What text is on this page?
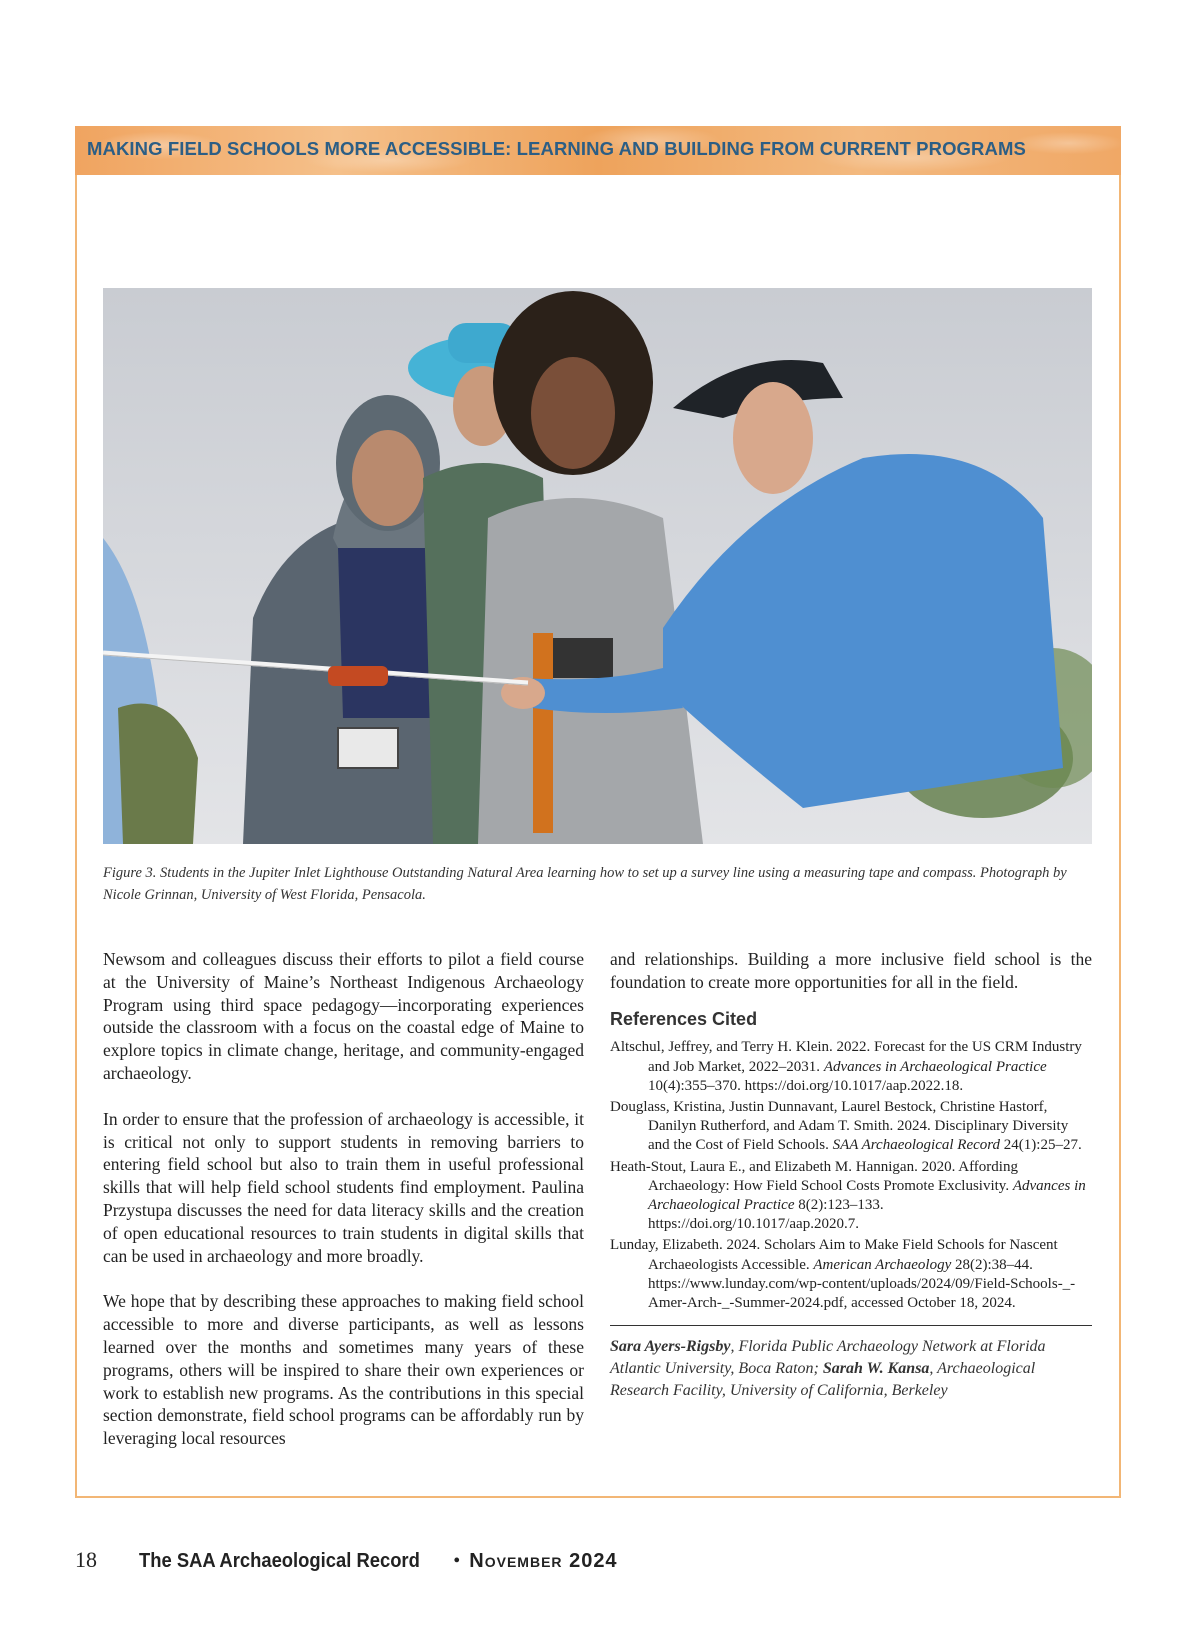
MAKING FIELD SCHOOLS MORE ACCESSIBLE: LEARNING AND BUILDING FROM CURRENT PROGRAMS
Figure 3. Students in the Jupiter Inlet Lighthouse Outstanding Natural Area learning how to set up a survey line using a measuring tape and compass. Photograph by Nicole Grinnan, University of West Florida, Pensacola.

Newsom and colleagues discuss their efforts to pilot a field course at the University of Maine’s Northeast Indigenous Archaeology Program using third space pedagogy—incorporating experiences outside the classroom with a focus on the coastal edge of Maine to explore topics in climate change, heritage, and community-engaged archaeology.

In order to ensure that the profession of archaeology is accessible, it is critical not only to support students in removing barriers to entering field school but also to train them in useful professional skills that will help field school students find employment. Paulina Przystupa discusses the need for data literacy skills and the creation of open educational resources to train students in digital skills that can be used in archaeology and more broadly.

We hope that by describing these approaches to making field school accessible to more and diverse participants, as well as lessons learned over the months and sometimes many years of these programs, others will be inspired to share their own experiences or work to establish new programs. As the contributions in this special section demonstrate, field school programs can be affordably run by leveraging local resources

and relationships. Building a more inclusive field school is the foundation to create more opportunities for all in the field.

References Cited
Altschul, Jeffrey, and Terry H. Klein. 2022. Forecast for the US CRM Industry and Job Market, 2022–2031. Advances in Archaeological Practice 10(4):355–370. https://doi.org/10.1017/aap.2022.18.
Douglass, Kristina, Justin Dunnavant, Laurel Bestock, Christine Hastorf, Danilyn Rutherford, and Adam T. Smith. 2024. Disciplinary Diversity and the Cost of Field Schools. SAA Archaeological Record 24(1):25–27.
Heath-Stout, Laura E., and Elizabeth M. Hannigan. 2020. Affording Archaeology: How Field School Costs Promote Exclusivity. Advances in Archaeological Practice 8(2):123–133. https://doi.org/10.1017/aap.2020.7.
Lunday, Elizabeth. 2024. Scholars Aim to Make Field Schools for Nascent Archaeologists Accessible. American Archaeology 28(2):38–44. https://www.lunday.com/wp-content/uploads/2024/09/Field-Schools-_-Amer-Arch-_-Summer-2024.pdf, accessed October 18, 2024.
Sara Ayers-Rigsby, Florida Public Archaeology Network at Florida Atlantic University, Boca Raton; Sarah W. Kansa, Archaeological Research Facility, University of California, Berkeley
18	The SAA Archaeological Record • November 2024
